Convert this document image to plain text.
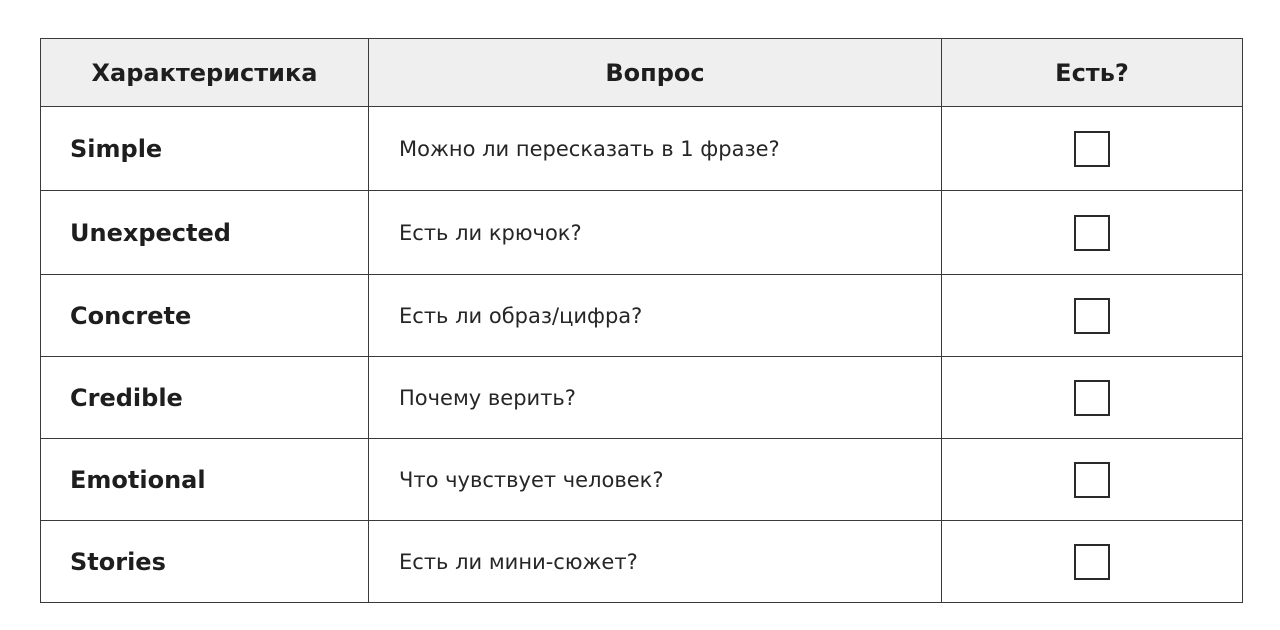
Характеристика	Вопрос	Есть?
Simple	Можно ли пересказать в 1 фразе?	
Unexpected	Есть ли крючок?	
Concrete	Есть ли образ/цифра?	
Credible	Почему верить?	
Emotional	Что чувствует человек?	
Stories	Есть ли мини-сюжет?	
